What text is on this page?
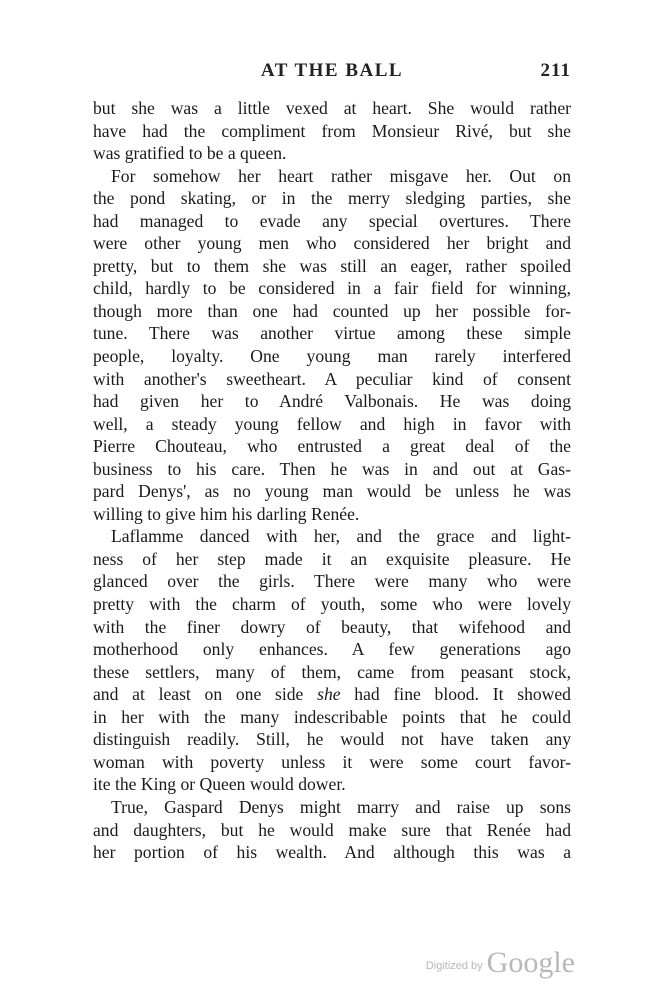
AT THE BALL	211
but she was a little vexed at heart. She would rather
have had the compliment from Monsieur Rivé, but she
was gratified to be a queen.
For somehow her heart rather misgave her. Out on
the pond skating, or in the merry sledging parties, she
had managed to evade any special overtures. There
were other young men who considered her bright and
pretty, but to them she was still an eager, rather spoiled
child, hardly to be considered in a fair field for winning,
though more than one had counted up her possible for-
tune. There was another virtue among these simple
people, loyalty. One young man rarely interfered
with another's sweetheart. A peculiar kind of consent
had given her to André Valbonais. He was doing
well, a steady young fellow and high in favor with
Pierre Chouteau, who entrusted a great deal of the
business to his care. Then he was in and out at Gas-
pard Denys', as no young man would be unless he was
willing to give him his darling Renée.
Laflamme danced with her, and the grace and light-
ness of her step made it an exquisite pleasure. He
glanced over the girls. There were many who were
pretty with the charm of youth, some who were lovely
with the finer dowry of beauty, that wifehood and
motherhood only enhances. A few generations ago
these settlers, many of them, came from peasant stock,
and at least on one side she had fine blood. It showed
in her with the many indescribable points that he could
distinguish readily. Still, he would not have taken any
woman with poverty unless it were some court favor-
ite the King or Queen would dower.
True, Gaspard Denys might marry and raise up sons
and daughters, but he would make sure that Renée had
her portion of his wealth. And although this was a
Digitized by Google
